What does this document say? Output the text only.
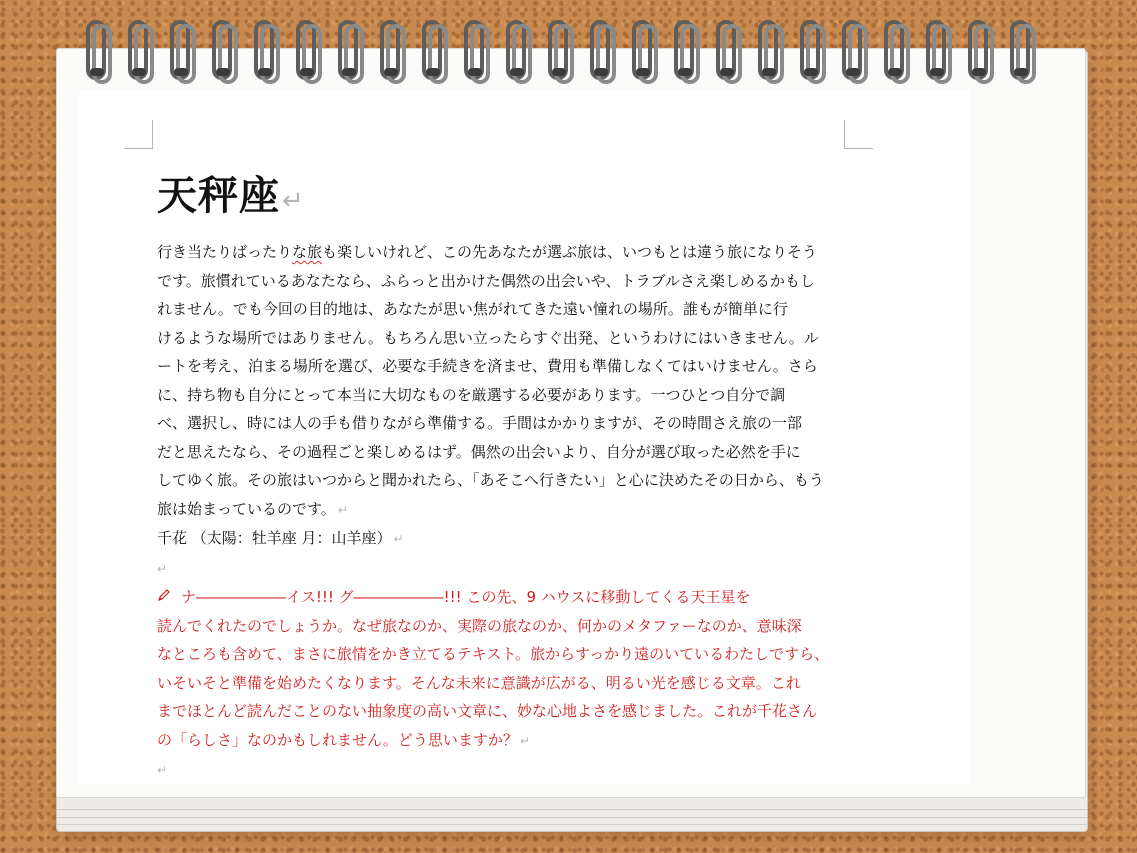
天秤座↵

行き当たりばったりな旅も楽しいけれど、この先あなたが選ぶ旅は、いつもとは違う旅になりそう

です。旅慣れているあなたなら、ふらっと出かけた偶然の出会いや、トラブルさえ楽しめるかもし

れません。でも今回の目的地は、あなたが思い焦がれてきた遠い憧れの場所。誰もが簡単に行

けるような場所ではありません。もちろん思い立ったらすぐ出発、というわけにはいきません。ル

ートを考え、泊まる場所を選び、必要な手続きを済ませ、費用も準備しなくてはいけません。さら

に、持ち物も自分にとって本当に大切なものを厳選する必要があります。一つひとつ自分で調

べ、選択し、時には人の手も借りながら準備する。手間はかかりますが、その時間さえ旅の一部

だと思えたなら、その過程ごと楽しめるはず。偶然の出会いより、自分が選び取った必然を手に

してゆく旅。その旅はいつからと聞かれたら、「あそこへ行きたい」と心に決めたその日から、もう

旅は始まっているのです。 ↵

千花 （太陽：牡羊座 月：山羊座） ↵

↵

ナ――――――イス!!! グ――――――!!! この先、9 ハウスに移動してくる天王星を

読んでくれたのでしょうか。なぜ旅なのか、実際の旅なのか、何かのメタファーなのか、意味深

なところも含めて、まさに旅情をかき立てるテキスト。旅からすっかり遠のいているわたしですら、

いそいそと準備を始めたくなります。そんな未来に意識が広がる、明るい光を感じる文章。これ

までほとんど読んだことのない抽象度の高い文章に、妙な心地よさを感じました。これが千花さん

の「らしさ」なのかもしれません。どう思いますか？ ↵

↵
